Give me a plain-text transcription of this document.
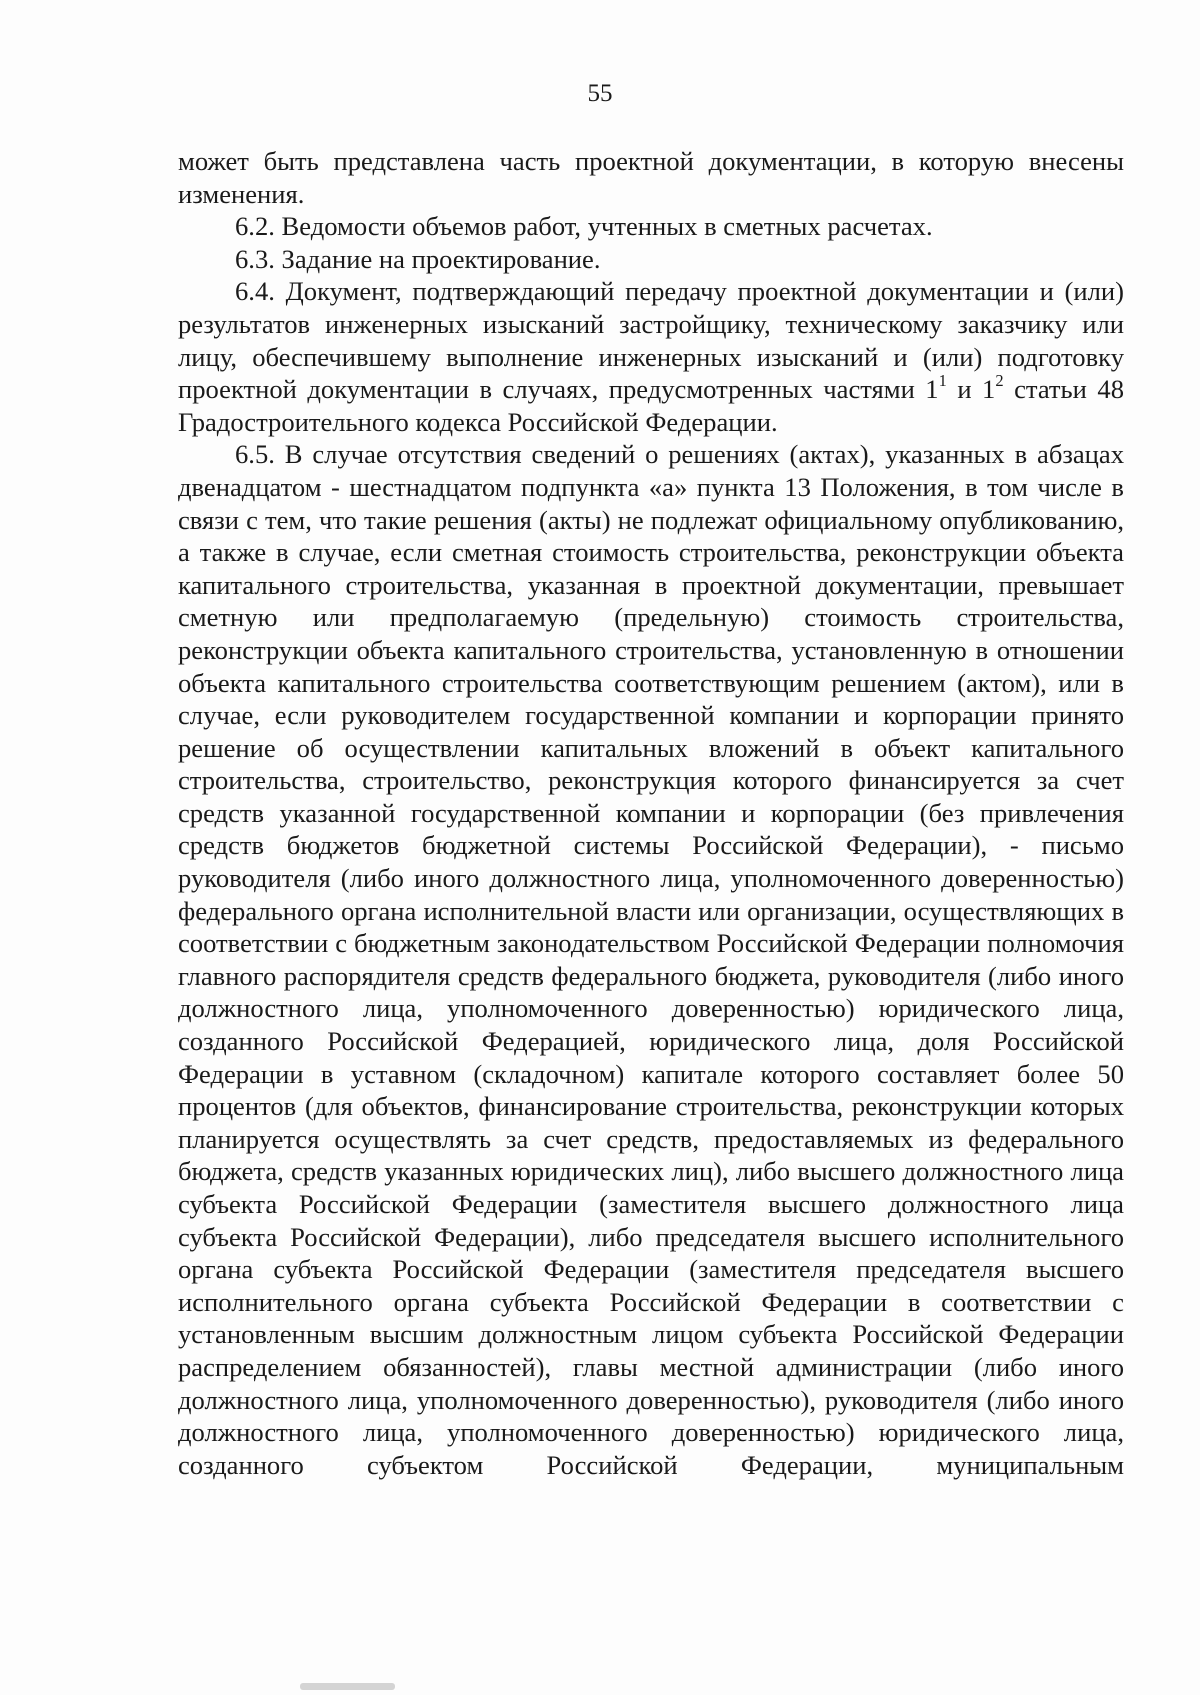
55

может быть представлена часть проектной документации, в которую внесены изменения.

6.2. Ведомости объемов работ, учтенных в сметных расчетах.

6.3. Задание на проектирование.

6.4. Документ, подтверждающий передачу проектной документации и (или) результатов инженерных изысканий застройщику, техническому заказчику или лицу, обеспечившему выполнение инженерных изысканий и (или) подготовку проектной документации в случаях, предусмотренных частями $1^1$ и $1^2$ статьи 48 Градостроительного кодекса Российской Федерации.

6.5. В случае отсутствия сведений о решениях (актах), указанных в абзацах двенадцатом - шестнадцатом подпункта «а» пункта 13 Положения, в том числе в связи с тем, что такие решения (акты) не подлежат официальному опубликованию, а также в случае, если сметная стоимость строительства, реконструкции объекта капитального строительства, указанная в проектной документации, превышает сметную или предполагаемую (предельную) стоимость строительства, реконструкции объекта капитального строительства, установленную в отношении объекта капитального строительства соответствующим решением (актом), или в случае, если руководителем государственной компании и корпорации принято решение об осуществлении капитальных вложений в объект капитального строительства, строительство, реконструкция которого финансируется за счет средств указанной государственной компании и корпорации (без привлечения средств бюджетов бюджетной системы Российской Федерации), - письмо руководителя (либо иного должностного лица, уполномоченного доверенностью) федерального органа исполнительной власти или организации, осуществляющих в соответствии с бюджетным законодательством Российской Федерации полномочия главного распорядителя средств федерального бюджета, руководителя (либо иного должностного лица, уполномоченного доверенностью) юридического лица, созданного Российской Федерацией, юридического лица, доля Российской Федерации в уставном (складочном) капитале которого составляет более 50 процентов (для объектов, финансирование строительства, реконструкции которых планируется осуществлять за счет средств, предоставляемых из федерального бюджета, средств указанных юридических лиц), либо высшего должностного лица субъекта Российской Федерации (заместителя высшего должностного лица субъекта Российской Федерации), либо председателя высшего исполнительного органа субъекта Российской Федерации (заместителя председателя высшего исполнительного органа субъекта Российской Федерации в соответствии с установленным высшим должностным лицом субъекта Российской Федерации распределением обязанностей), главы местной администрации (либо иного должностного лица, уполномоченного доверенностью), руководителя (либо иного должностного лица, уполномоченного доверенностью) юридического лица, созданного субъектом Российской Федерации, муниципальным
